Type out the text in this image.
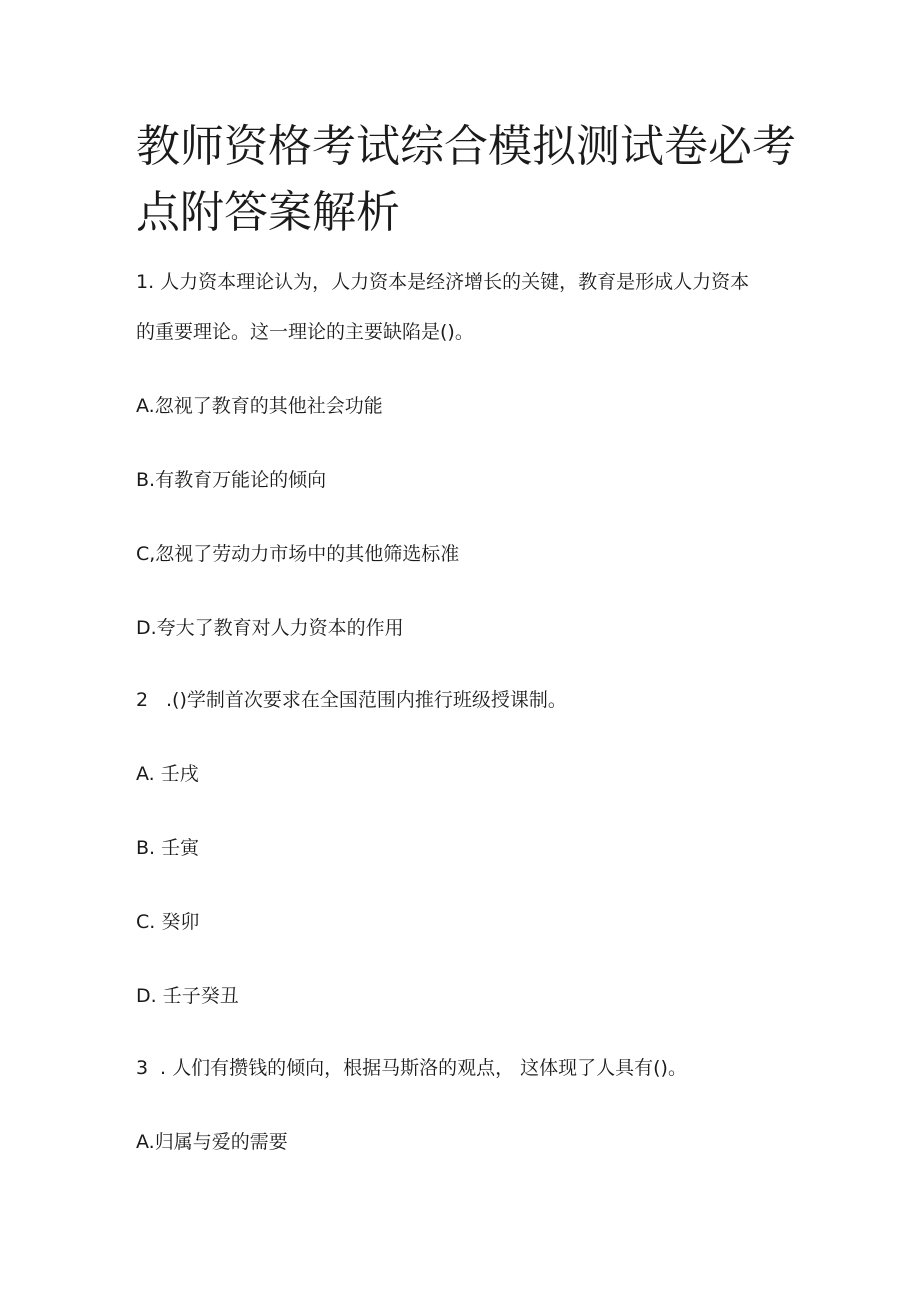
教师资格考试综合模拟测试卷必考点附答案解析

1. 人力资本理论认为，人力资本是经济增长的关键，教育是形成人力资本

的重要理论。这一理论的主要缺陷是()。

A.忽视了教育的其他社会功能

B.有教育万能论的倾向

C,忽视了劳动力市场中的其他筛选标准

D.夸大了教育对人力资本的作用

2 .()学制首次要求在全国范围内推行班级授课制。

A. 壬戌

B. 壬寅

C. 癸卯

D. 壬子癸丑

3 . 人们有攒钱的倾向，根据马斯洛的观点， 这体现了人具有()。

A.归属与爱的需要
